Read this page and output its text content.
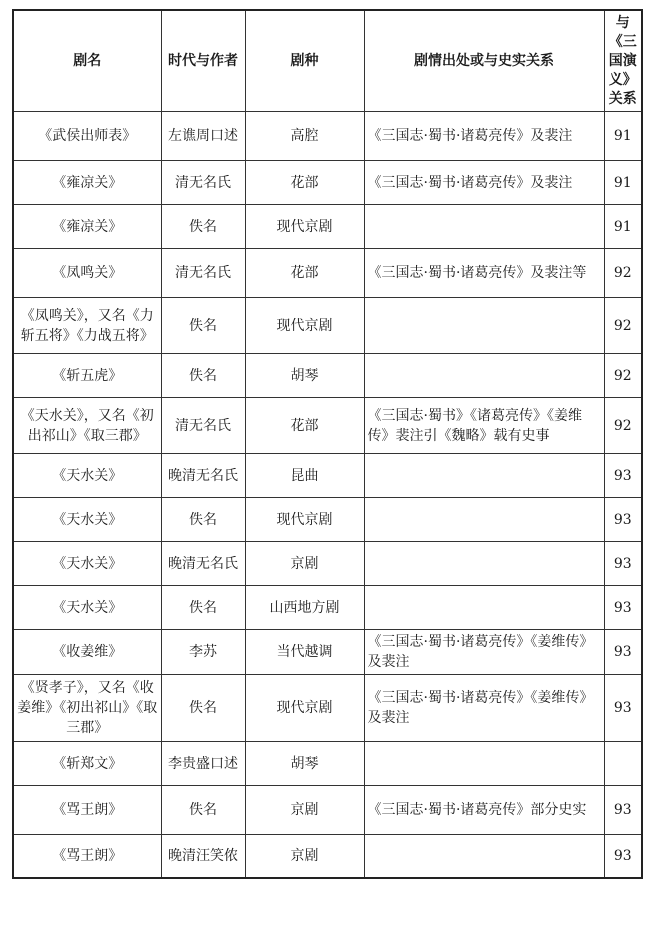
剧名	时代与作者	剧种	剧情出处或与史实关系	与《三国演义》关系
《武侯出师表》	左谯周口述	高腔	《三国志·蜀书·诸葛亮传》及裴注	91
《雍凉关》	清无名氏	花部	《三国志·蜀书·诸葛亮传》及裴注	91
《雍凉关》	佚名	现代京剧		91
《凤鸣关》	清无名氏	花部	《三国志·蜀书·诸葛亮传》及裴注等	92
《凤鸣关》，又名《力斩五将》《力战五将》	佚名	现代京剧		92
《斩五虎》	佚名	胡琴		92
《天水关》，又名《初出祁山》《取三郡》	清无名氏	花部	《三国志·蜀书》《诸葛亮传》《姜维传》裴注引《魏略》载有史事	92
《天水关》	晚清无名氏	昆曲		93
《天水关》	佚名	现代京剧		93
《天水关》	晚清无名氏	京剧		93
《天水关》	佚名	山西地方剧		93
《收姜维》	李苏	当代越调	《三国志·蜀书·诸葛亮传》《姜维传》及裴注	93
《贤孝子》，又名《收姜维》《初出祁山》《取三郡》	佚名	现代京剧	《三国志·蜀书·诸葛亮传》《姜维传》及裴注	93
《斩郑文》	李贵盛口述	胡琴		
《骂王朗》	佚名	京剧	《三国志·蜀书·诸葛亮传》部分史实	93
《骂王朗》	晚清汪笑侬	京剧		93
